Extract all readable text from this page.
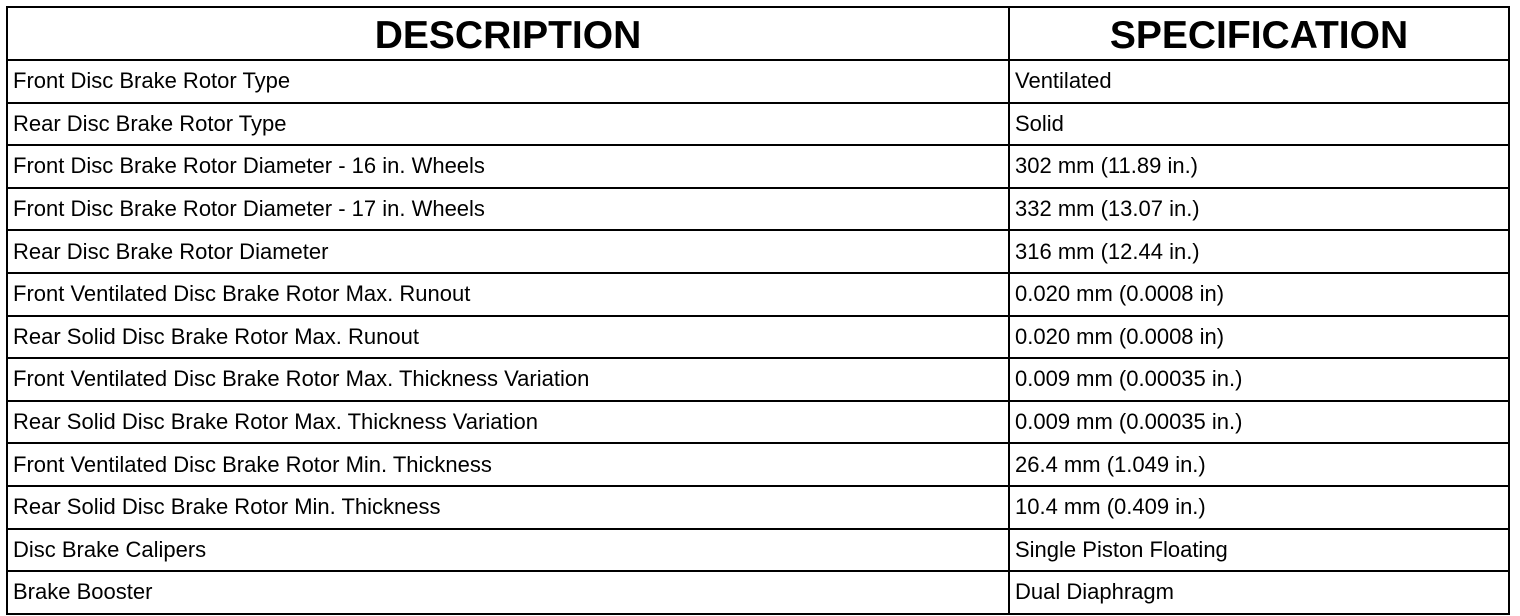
DESCRIPTION	SPECIFICATION
Front Disc Brake Rotor Type	Ventilated
Rear Disc Brake Rotor Type	Solid
Front Disc Brake Rotor Diameter - 16 in. Wheels	302 mm (11.89 in.)
Front Disc Brake Rotor Diameter - 17 in. Wheels	332 mm (13.07 in.)
Rear Disc Brake Rotor Diameter	316 mm (12.44 in.)
Front Ventilated Disc Brake Rotor Max. Runout	0.020 mm (0.0008 in)
Rear Solid Disc Brake Rotor Max. Runout	0.020 mm (0.0008 in)
Front Ventilated Disc Brake Rotor Max. Thickness Variation	0.009 mm (0.00035 in.)
Rear Solid Disc Brake Rotor Max. Thickness Variation	0.009 mm (0.00035 in.)
Front Ventilated Disc Brake Rotor Min. Thickness	26.4 mm (1.049 in.)
Rear Solid Disc Brake Rotor Min. Thickness	10.4 mm (0.409 in.)
Disc Brake Calipers	Single Piston Floating
Brake Booster	Dual Diaphragm
